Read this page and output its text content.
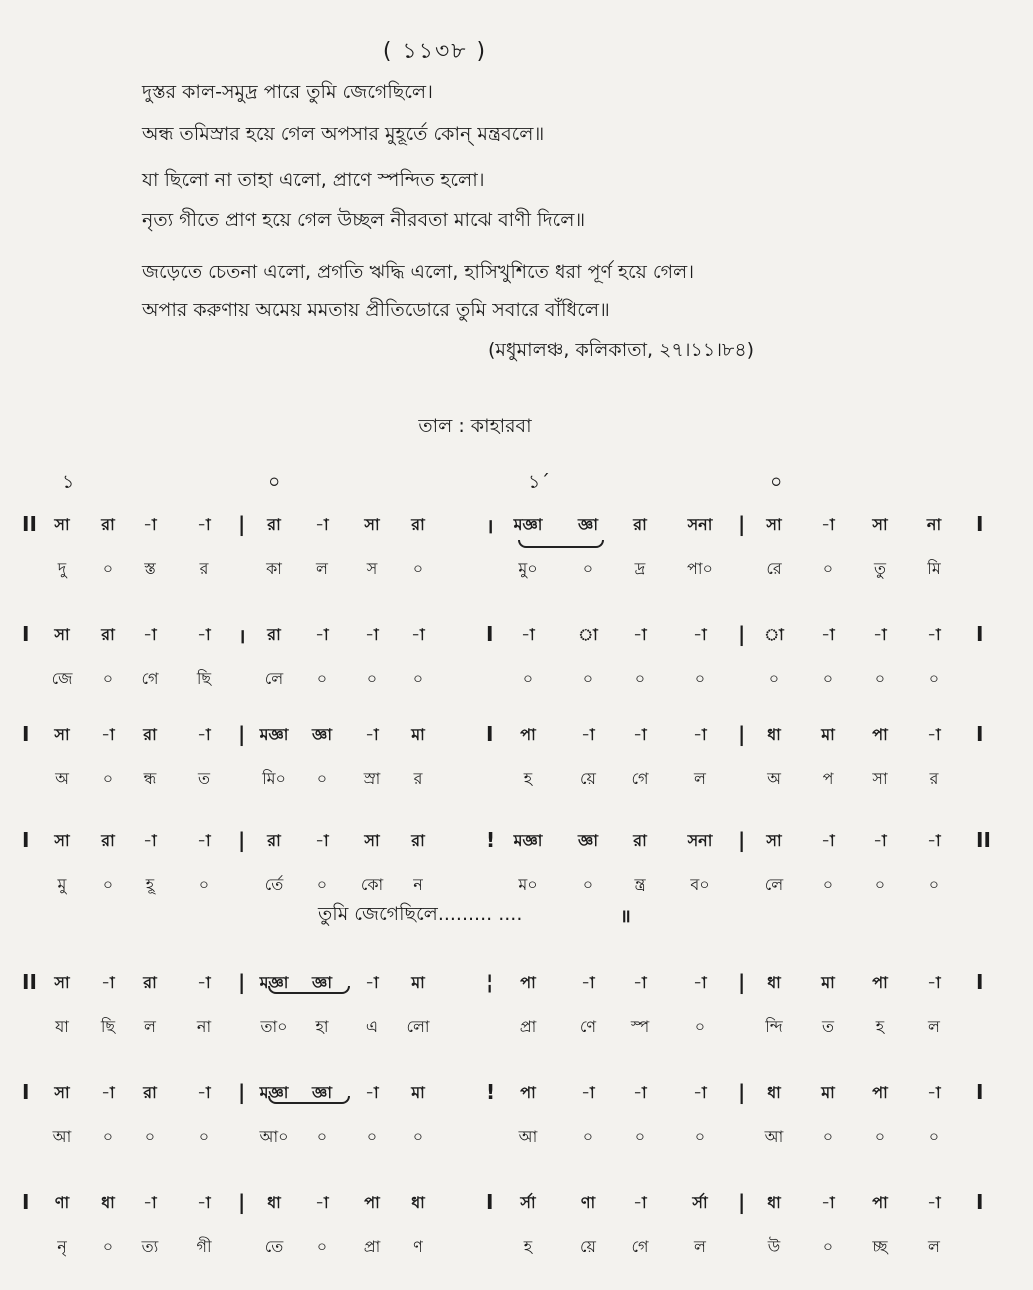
( ১১৩৮ )
দুস্তর কাল-সমুদ্র পারে তুমি জেগেছিলে।
অন্ধ তমিস্রার হয়ে গেল অপসার মুহূর্তে কোন্ মন্ত্রবলে॥
যা ছিলো না তাহা এলো, প্রাণে স্পন্দিত হলো।
নৃত্য গীতে প্রাণ হয়ে গেল উচ্ছল নীরবতা মাঝে বাণী দিলে॥
জড়েতে চেতনা এলো, প্রগতি ঋদ্ধি এলো, হাসিখুশিতে ধরা পূর্ণ হয়ে গেল।
অপার করুণায় অমেয় মমতায় প্রীতিডোরে তুমি সবারে বাঁধিলে॥
(মধুমালঞ্চ, কলিকাতা, ২৭।১১।৮৪)
তাল : কাহারবা
১	০	১´	০
II	|	।	|	I
সা রা -া	-া	রা -া সা রা	মজ্ঞা জ্ঞা রা	সনা	সা -া সা না
দু ০ স্ত	র	কা ল স ০	মু০	০	দ্র	পা০	রে	০	তু	মি
I	।	I	|	I
সা রা -া	-া	রা -া -া -া	-া	া -া	-া	া -া -া	-া
জে ০ গে ছি	লে ০ ০ ০	০	০	০	০	০	০	০	০
I	|	I	|	I
সা -া রা	-া	মজ্ঞা জ্ঞা -া মা	পা	-া -া	-া	ধা	মা পা -া
অ ০ ন্ধ	ত	মি০ ০ স্রা র	হ	য়ে গে	ল	অ	প সা	র
I	|	!	|	II
সা রা -া	-া	রা -া সা রা	মজ্ঞা জ্ঞা রা	সনা	সা -া -া	-া
মু ০ হূ	০	র্তে ০ কো ন	ম০	০	ন্ত্র	ব০	লে ০	০	০
II	|	¦	|	I
সা -া রা	-া	মজ্ঞা জ্ঞা -া মা	পা	-া -া	-া	ধা	মা পা -া
যা ছি ল	না	তা০ হা এ লো	প্রা	ণে স্প	০	ন্দি ত	হ	ল
I	|	!	|	I
সা -া রা	-া	মজ্ঞা জ্ঞা -া মা	পা	-া -া	-া	ধা	মা পা -া
আ ০ ০	০	আ০ ০ ০ ০	আ	০	০	০	আ ০	০	০
I	|	I	|	I
ণা ধা -া	-া	ধা -া পা ধা	র্সা	ণা -া	র্সা	ধা	-া পা -া
নৃ ০ ত্য গী	তে ০ প্রা ণ	হ	য়ে গে	ল	উ	০ চ্ছ	ল
তুমি জেগেছিলে......... ....	॥
